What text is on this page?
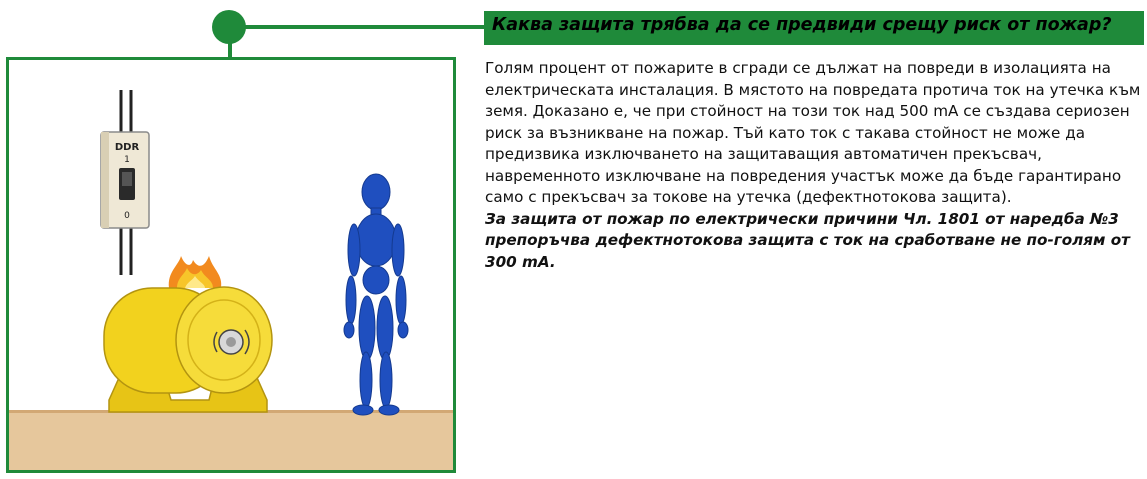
Каква защита трябва да се предвиди срещу риск от пожар?
DDR
1
0

Голям процент от пожарите в сгради се дължат на повреди в изолацията на електрическата инсталация. В мястото на повредата протича ток на утечка към земя. Доказано е, че при стойност на този ток над 500 mA се създава сериозен риск за възникване на пожар. Тъй като ток с такава стойност не може да предизвика изключването на защитаващия автоматичен прекъсвач, навременното изключване на повредения участък може да бъде гарантирано само с прекъсвач за токове на утечка (дефектнотокова защита).

За защита от пожар по електрически причини Чл. 1801 от наредба №3 препоръчва дефектнотокова защита с ток на сработване не по-голям от 300 mA.
